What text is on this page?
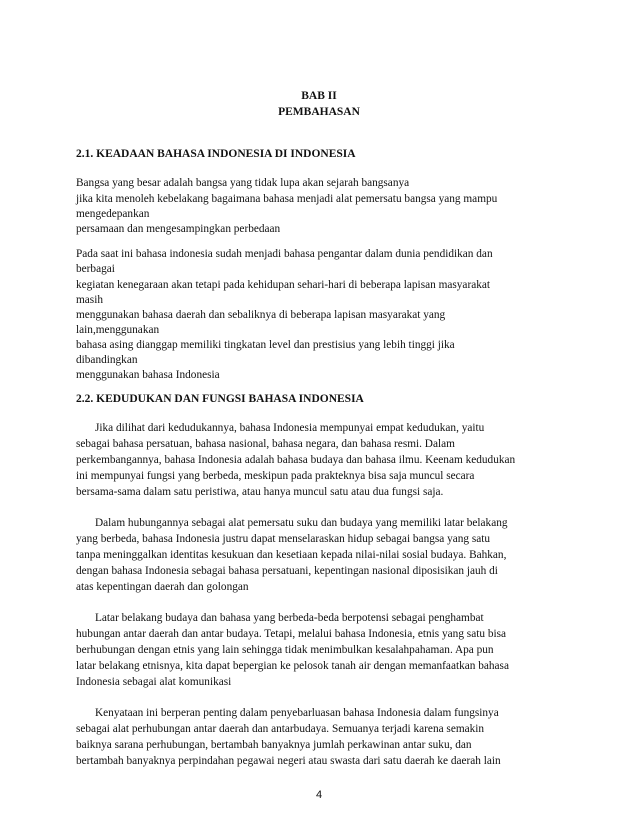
BAB II
PEMBAHASAN
2.1. KEADAAN BAHASA INDONESIA DI INDONESIA
Bangsa yang besar adalah bangsa yang tidak lupa akan sejarah bangsanya
jika kita menoleh kebelakang bagaimana bahasa menjadi alat pemersatu bangsa yang mampu
mengedepankan
persamaan dan mengesampingkan perbedaan
Pada saat ini bahasa indonesia sudah menjadi bahasa pengantar dalam dunia pendidikan dan
berbagai
kegiatan kenegaraan akan tetapi pada kehidupan sehari-hari di beberapa lapisan masyarakat
masih
menggunakan bahasa daerah dan sebaliknya di beberapa lapisan masyarakat yang
lain,menggunakan
bahasa asing dianggap memiliki tingkatan level dan prestisius yang lebih tinggi jika
dibandingkan
menggunakan bahasa Indonesia
2.2. KEDUDUKAN DAN FUNGSI BAHASA INDONESIA
Jika dilihat dari kedudukannya, bahasa Indonesia mempunyai empat kedudukan, yaitu
sebagai bahasa persatuan, bahasa nasional, bahasa negara, dan bahasa resmi. Dalam
perkembangannya, bahasa Indonesia adalah bahasa budaya dan bahasa ilmu. Keenam kedudukan
ini mempunyai fungsi yang berbeda, meskipun pada prakteknya bisa saja muncul secara
bersama-sama dalam satu peristiwa, atau hanya muncul satu atau dua fungsi saja.
Dalam hubungannya sebagai alat pemersatu suku dan budaya yang memiliki latar belakang
yang berbeda, bahasa Indonesia justru dapat menselaraskan hidup sebagai bangsa yang satu
tanpa meninggalkan identitas kesukuan dan kesetiaan kepada nilai-nilai sosial budaya. Bahkan,
dengan bahasa Indonesia sebagai bahasa persatuani, kepentingan nasional diposisikan jauh di
atas kepentingan daerah dan golongan
Latar belakang budaya dan bahasa yang berbeda-beda berpotensi sebagai penghambat
hubungan antar daerah dan antar budaya. Tetapi, melalui bahasa Indonesia, etnis yang satu bisa
berhubungan dengan etnis yang lain sehingga tidak menimbulkan kesalahpahaman. Apa pun
latar belakang etnisnya, kita dapat bepergian ke pelosok tanah air dengan memanfaatkan bahasa
Indonesia sebagai alat komunikasi
Kenyataan ini berperan penting dalam penyebarluasan bahasa Indonesia dalam fungsinya
sebagai alat perhubungan antar daerah dan antarbudaya. Semuanya terjadi karena semakin
baiknya sarana perhubungan, bertambah banyaknya jumlah perkawinan antar suku, dan
bertambah banyaknya perpindahan pegawai negeri atau swasta dari satu daerah ke daerah lain
4
